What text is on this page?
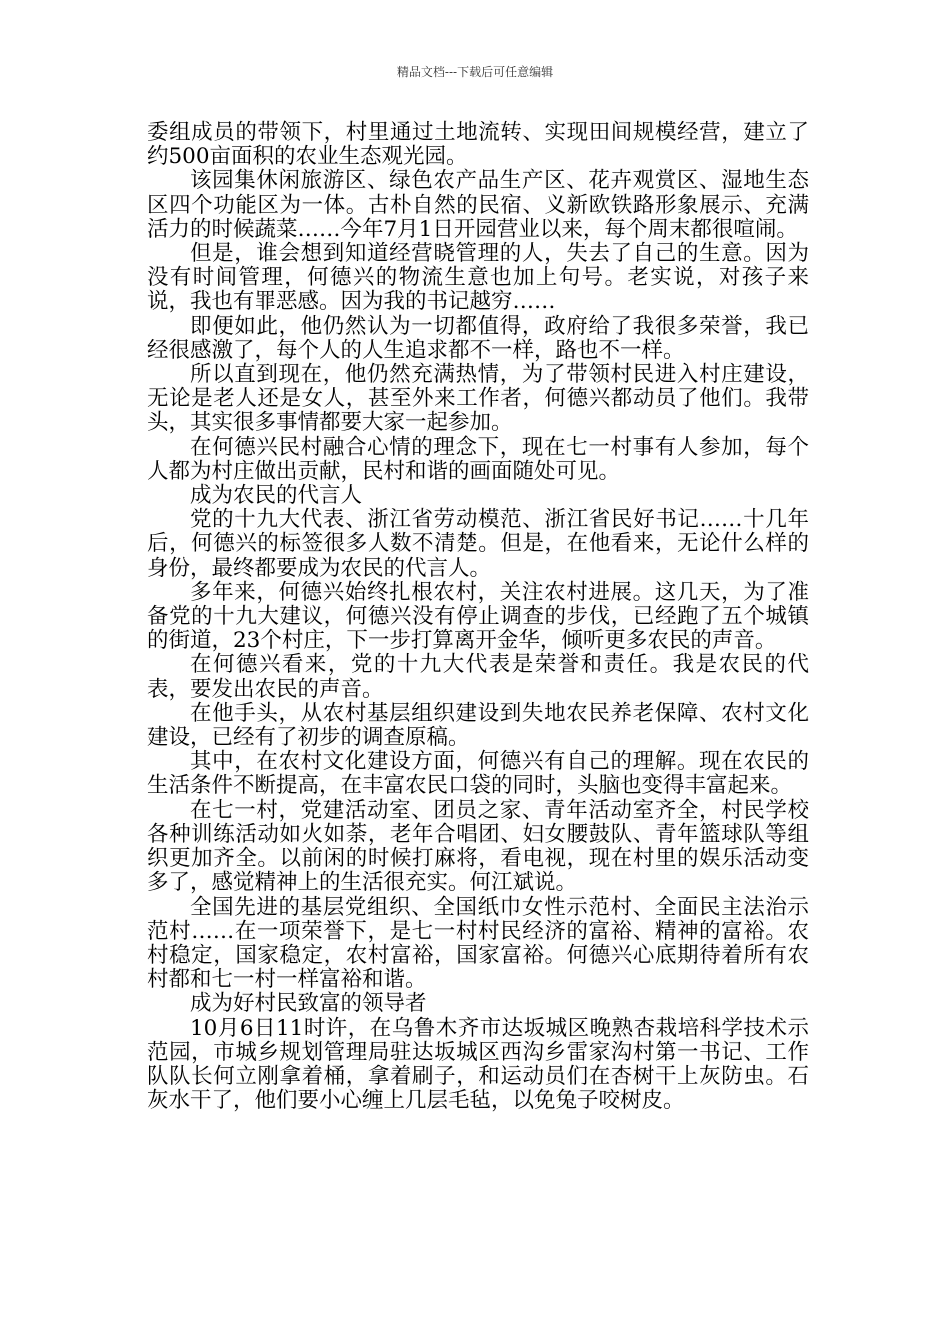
精品文档---下载后可任意编辑

委组成员的带领下，村里通过土地流转、实现田间规模经营，建立了约500亩面积的农业生态观光园。

该园集休闲旅游区、绿色农产品生产区、花卉观赏区、湿地生态区四个功能区为一体。古朴自然的民宿、义新欧铁路形象展示、充满活力的时候蔬菜……今年7月1日开园营业以来，每个周末都很喧闹。

但是，谁会想到知道经营晓管理的人，失去了自己的生意。因为没有时间管理，何德兴的物流生意也加上句号。老实说，对孩子来说，我也有罪恶感。因为我的书记越穷……

即便如此，他仍然认为一切都值得，政府给了我很多荣誉，我已经很感激了，每个人的人生追求都不一样，路也不一样。

所以直到现在，他仍然充满热情，为了带领村民进入村庄建设，无论是老人还是女人，甚至外来工作者，何德兴都动员了他们。我带头，其实很多事情都要大家一起参加。

在何德兴民村融合心情的理念下，现在七一村事有人参加，每个人都为村庄做出贡献，民村和谐的画面随处可见。

成为农民的代言人

党的十九大代表、浙江省劳动模范、浙江省民好书记……十几年后，何德兴的标签很多人数不清楚。但是，在他看来，无论什么样的身份，最终都要成为农民的代言人。

多年来，何德兴始终扎根农村，关注农村进展。这几天，为了准备党的十九大建议，何德兴没有停止调查的步伐，已经跑了五个城镇的街道，23个村庄，下一步打算离开金华，倾听更多农民的声音。

在何德兴看来，党的十九大代表是荣誉和责任。我是农民的代表，要发出农民的声音。

在他手头，从农村基层组织建设到失地农民养老保障、农村文化建设，已经有了初步的调查原稿。

其中，在农村文化建设方面，何德兴有自己的理解。现在农民的生活条件不断提高，在丰富农民口袋的同时，头脑也变得丰富起来。

在七一村，党建活动室、团员之家、青年活动室齐全，村民学校各种训练活动如火如荼，老年合唱团、妇女腰鼓队、青年篮球队等组织更加齐全。以前闲的时候打麻将，看电视，现在村里的娱乐活动变多了，感觉精神上的生活很充实。何江斌说。

全国先进的基层党组织、全国纸巾女性示范村、全面民主法治示范村……在一项荣誉下，是七一村村民经济的富裕、精神的富裕。农村稳定，国家稳定，农村富裕，国家富裕。何德兴心底期待着所有农村都和七一村一样富裕和谐。

成为好村民致富的领导者

10月6日11时许，在乌鲁木齐市达坂城区晚熟杏栽培科学技术示范园，市城乡规划管理局驻达坂城区西沟乡雷家沟村第一书记、工作队队长何立刚拿着桶，拿着刷子，和运动员们在杏树干上灰防虫。石灰水干了，他们要小心缠上几层毛毡，以免兔子咬树皮。
